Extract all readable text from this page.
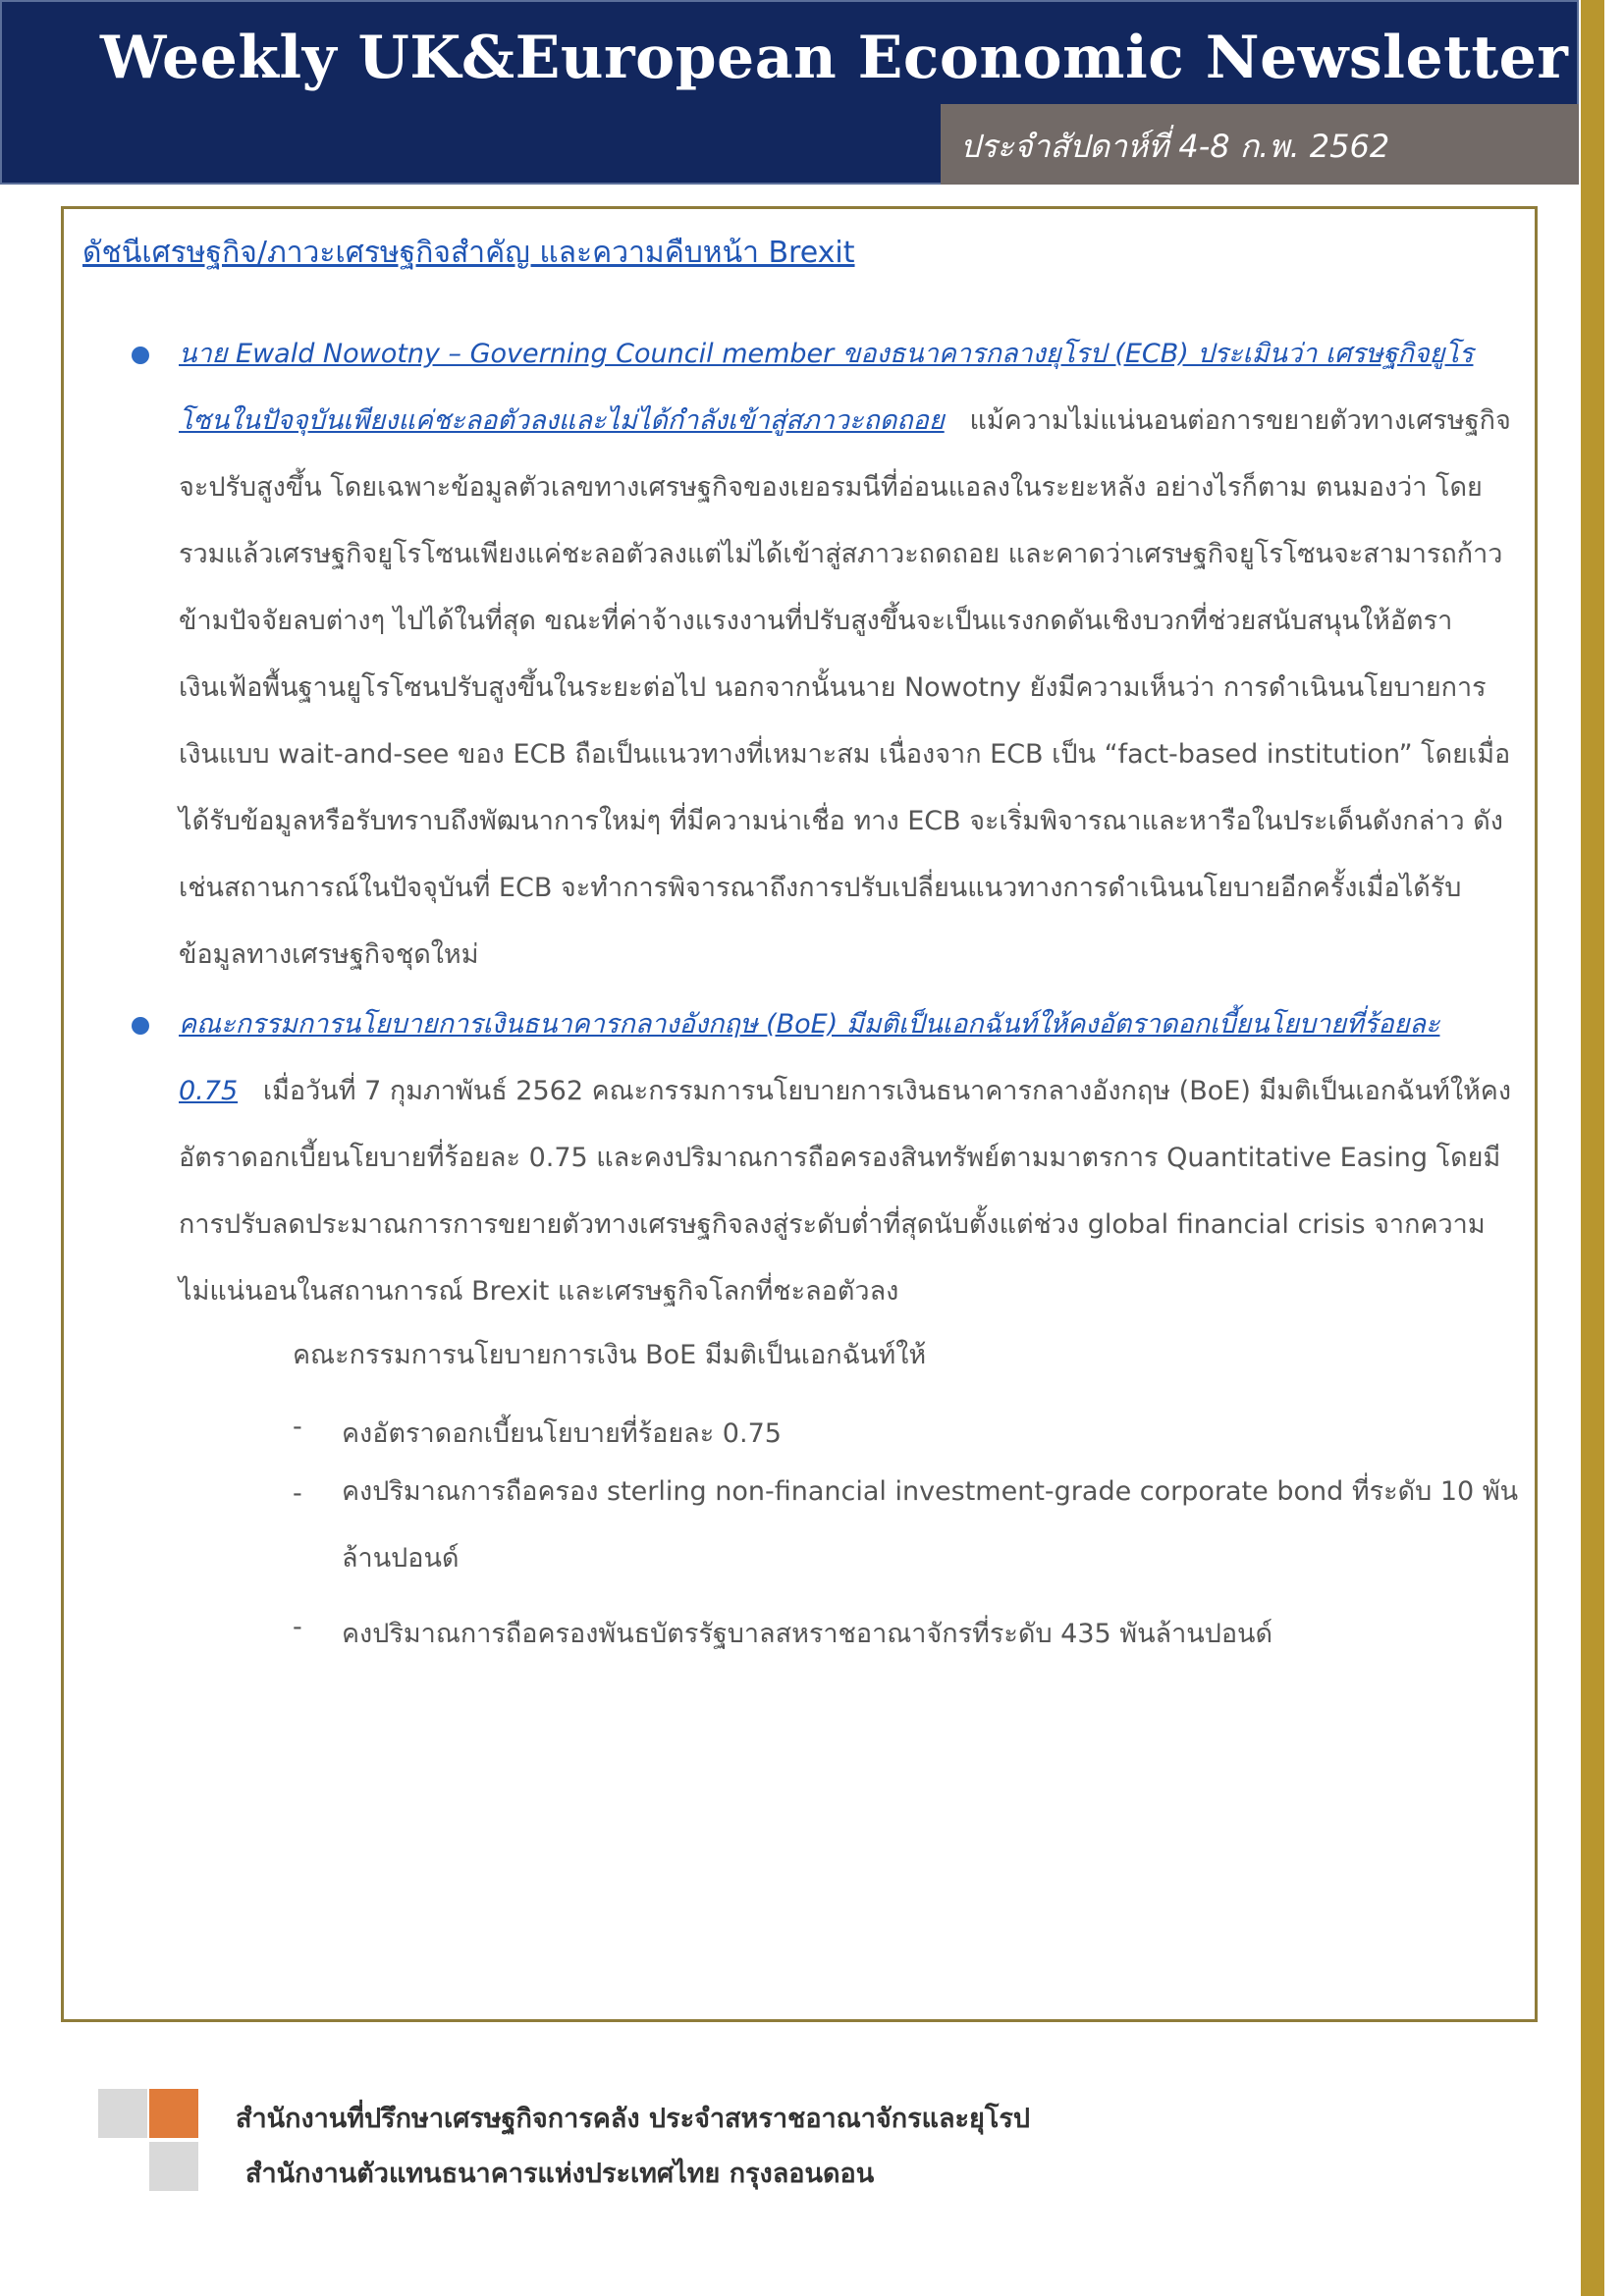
Weekly UK&European Economic Newsletter
ประจำสัปดาห์ที่ 4-8 ก.พ. 2562
ดัชนีเศรษฐกิจ/ภาวะเศรษฐกิจสำคัญ และความคืบหน้า Brexit
นาย Ewald Nowotny – Governing Council member ของธนาคารกลางยุโรป (ECB) ประเมินว่า เศรษฐกิจยูโรโซนในปัจจุบันเพียงแค่ชะลอตัวลงและไม่ได้กำลังเข้าสู่สภาวะถดถอย แม้ความไม่แน่นอนต่อการขยายตัวทางเศรษฐกิจจะปรับสูงขึ้น โดยเฉพาะข้อมูลตัวเลขทางเศรษฐกิจของเยอรมนีที่อ่อนแอลงในระยะหลัง อย่างไรก็ตาม ตนมองว่า โดยรวมแล้วเศรษฐกิจยูโรโซนเพียงแค่ชะลอตัวลงแต่ไม่ได้เข้าสู่สภาวะถดถอย และคาดว่าเศรษฐกิจยูโรโซนจะสามารถก้าวข้ามปัจจัยลบต่างๆ ไปได้ในที่สุด ขณะที่ค่าจ้างแรงงานที่ปรับสูงขึ้นจะเป็นแรงกดดันเชิงบวกที่ช่วยสนับสนุนให้อัตราเงินเฟ้อพื้นฐานยูโรโซนปรับสูงขึ้นในระยะต่อไป นอกจากนั้นนาย Nowotny ยังมีความเห็นว่า การดำเนินนโยบายการเงินแบบ wait-and-see ของ ECB ถือเป็นแนวทางที่เหมาะสม เนื่องจาก ECB เป็น “fact-based institution” โดยเมื่อได้รับข้อมูลหรือรับทราบถึงพัฒนาการใหม่ๆ ที่มีความน่าเชื่อ ทาง ECB จะเริ่มพิจารณาและหารือในประเด็นดังกล่าว ดังเช่นสถานการณ์ในปัจจุบันที่ ECB จะทำการพิจารณาถึงการปรับเปลี่ยนแนวทางการดำเนินนโยบายอีกครั้งเมื่อได้รับข้อมูลทางเศรษฐกิจชุดใหม่
คณะกรรมการนโยบายการเงินธนาคารกลางอังกฤษ (BoE) มีมติเป็นเอกฉันท์ให้คงอัตราดอกเบี้ยนโยบายที่ร้อยละ 0.75 เมื่อวันที่ 7 กุมภาพันธ์ 2562 คณะกรรมการนโยบายการเงินธนาคารกลางอังกฤษ (BoE) มีมติเป็นเอกฉันท์ให้คงอัตราดอกเบี้ยนโยบายที่ร้อยละ 0.75 และคงปริมาณการถือครองสินทรัพย์ตามมาตรการ Quantitative Easing โดยมีการปรับลดประมาณการการขยายตัวทางเศรษฐกิจลงสู่ระดับต่ำที่สุดนับตั้งแต่ช่วง global financial crisis จากความไม่แน่นอนในสถานการณ์ Brexit และเศรษฐกิจโลกที่ชะลอตัวลง
คณะกรรมการนโยบายการเงิน BoE มีมติเป็นเอกฉันท์ให้
- คงอัตราดอกเบี้ยนโยบายที่ร้อยละ 0.75
- คงปริมาณการถือครอง sterling non-financial investment-grade corporate bond ที่ระดับ 10 พันล้านปอนด์
- คงปริมาณการถือครองพันธบัตรรัฐบาลสหราชอาณาจักรที่ระดับ 435 พันล้านปอนด์
สำนักงานที่ปรึกษาเศรษฐกิจการคลัง ประจำสหราชอาณาจักรและยุโรป
สำนักงานตัวแทนธนาคารแห่งประเทศไทย กรุงลอนดอน
